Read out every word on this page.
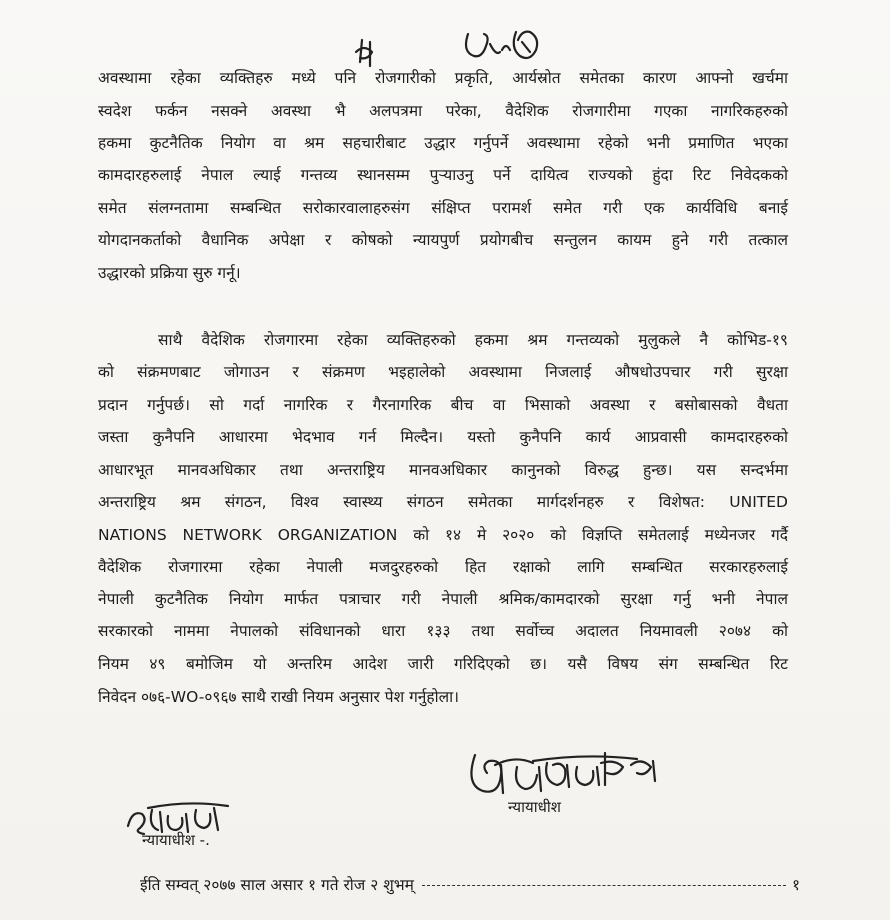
अवस्थामा रहेका व्यक्तिहरु मध्ये पनि रोजगारीको प्रकृति, आर्यस्रोत समेतका कारण आफ्नो खर्चमा
स्वदेश फर्कन नसक्ने अवस्था भै अलपत्रमा परेका, वैदेशिक रोजगारीमा गएका नागरिकहरुको
हकमा कुटनैतिक नियोग वा श्रम सहचारीबाट उद्धार गर्नुपर्ने अवस्थामा रहेको भनी प्रमाणित भएका
कामदारहरुलाई नेपाल ल्याई गन्तव्य स्थानसम्म पुऱ्याउनु पर्ने दायित्व राज्यको हुंदा रिट निवेदकको
समेत संलग्नतामा सम्बन्धित सरोकारवालाहरुसंग संक्षिप्त परामर्श समेत गरी एक कार्यविधि बनाई
योगदानकर्ताको वैधानिक अपेक्षा र कोषको न्यायपुर्ण प्रयोगबीच सन्तुलन कायम हुने गरी तत्काल
उद्धारको प्रक्रिया सुरु गर्नू।
साथै वैदेशिक रोजगारमा रहेका व्यक्तिहरुको हकमा श्रम गन्तव्यको मुलुकले नै कोभिड-१९
को संक्रमणबाट जोगाउन र संक्रमण भइहालेको अवस्थामा निजलाई औषधोउपचार गरी सुरक्षा
प्रदान गर्नुपर्छ। सो गर्दा नागरिक र गैरनागरिक बीच वा भिसाको अवस्था र बसोबासको वैधता
जस्ता कुनैपनि आधारमा भेदभाव गर्न मिल्दैन। यस्तो कुनैपनि कार्य आप्रवासी कामदारहरुको
आधारभूत मानवअधिकार तथा अन्तराष्ट्रिय मानवअधिकार कानुनको विरुद्ध हुन्छ। यस सन्दर्भमा
अन्तराष्ट्रिय श्रम संगठन, विश्व स्वास्थ्य संगठन समेतका मार्गदर्शनहरु र विशेषत: UNITED
NATIONS NETWORK ORGANIZATION को १४ मे २०२० को विज्ञप्ति समेतलाई मध्येनजर गर्दै
वैदेशिक रोजगारमा रहेका नेपाली मजदुरहरुको हित रक्षाको लागि सम्बन्धित सरकारहरुलाई
नेपाली कुटनैतिक नियोग मार्फत पत्राचार गरी नेपाली श्रमिक/कामदारको सुरक्षा गर्नु भनी नेपाल
सरकारको नाममा नेपालको संविधानको धारा १३३ तथा सर्वोच्च अदालत नियमावली २०७४ को
नियम ४९ बमोजिम यो अन्तरिम आदेश जारी गरिदिएको छ। यसै विषय संग सम्बन्धित रिट
निवेदन ०७६-WO-०९६७ साथै राखी नियम अनुसार पेश गर्नुहोला।
न्यायाधीश
न्यायाधीश -.
ईति सम्वत् २०७७ साल असार १ गते रोज २ शुभम्	१
